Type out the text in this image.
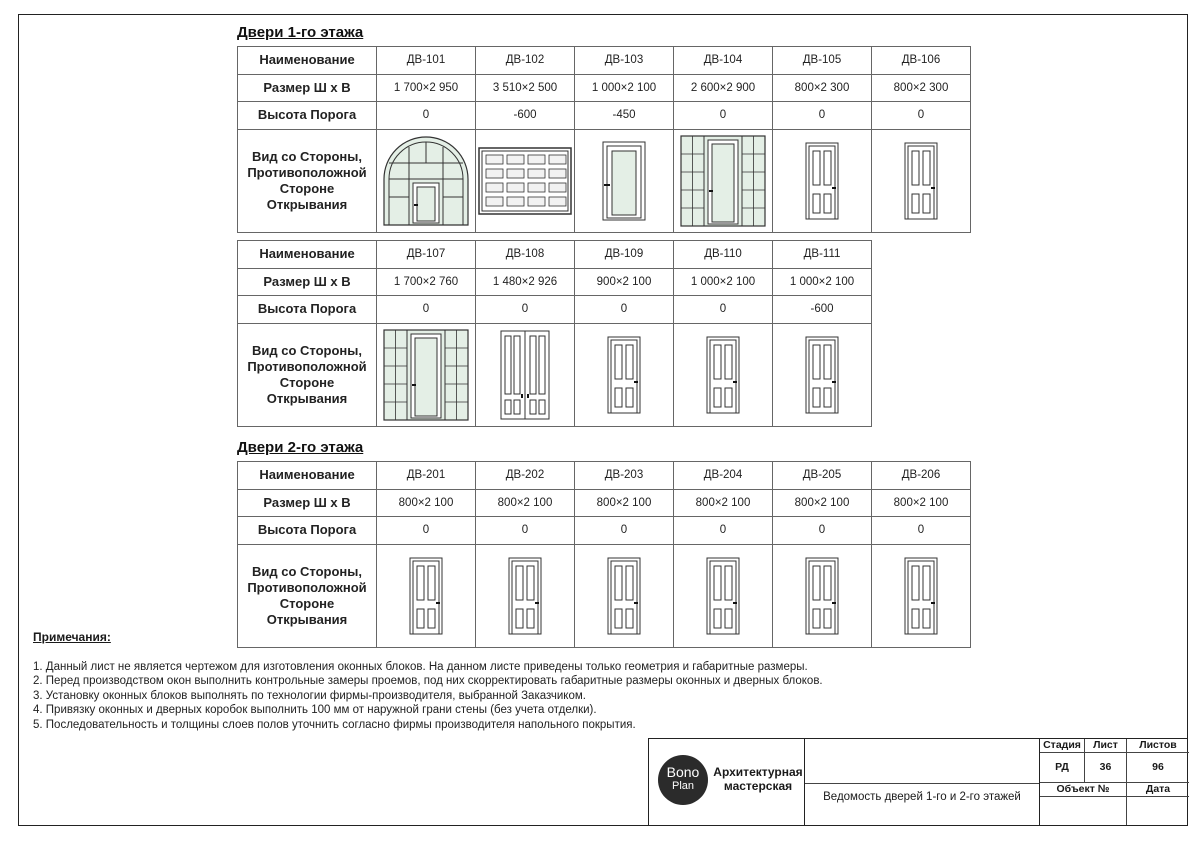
Двери 1-го этажа
Наименование	ДВ-101	ДВ-102	ДВ-103	ДВ-104	ДВ-105	ДВ-106
Размер Ш х В	1 700×2 950	3 510×2 500	1 000×2 100	2 600×2 900	800×2 300	800×2 300
Высота Порога	0	-600	-450	0	0	0
Вид со Стороны, Противоположной Стороне Открывания	

Наименование	ДВ-107	ДВ-108	ДВ-109	ДВ-110	ДВ-111
Размер Ш х В	1 700×2 760	1 480×2 926	900×2 100	1 000×2 100	1 000×2 100
Высота Порога	0	0	0	0	-600
Вид со Стороны, Противоположной Стороне Открывания	

Двери 2-го этажа
Наименование	ДВ-201	ДВ-202	ДВ-203	ДВ-204	ДВ-205	ДВ-206
Размер Ш х В	800×2 100	800×2 100	800×2 100	800×2 100	800×2 100	800×2 100
Высота Порога	0	0	0	0	0	0
Вид со Стороны, Противоположной Стороне Открывания	

Примечания:
1. Данный лист не является чертежом для изготовления оконных блоков. На данном листе приведены только геометрия и габаритные размеры.
2. Перед производством окон выполнить контрольные замеры проемов, под них скорректировать габаритные размеры оконных и дверных блоков.
3. Установку оконных блоков выполнять по технологии фирмы-производителя, выбранной Заказчиком.
4. Привязку оконных и дверных коробок выполнить 100 мм от наружной грани стены (без учета отделки).
5. Последовательность и толщины слоев полов уточнить согласно фирмы производителя напольного покрытия.
Bono
Plan
Архитектурная мастерская
Ведомость дверей 1-го и 2-го этажей
Стадия	Лист	Листов
РД	36	96
Объект №	Дата
